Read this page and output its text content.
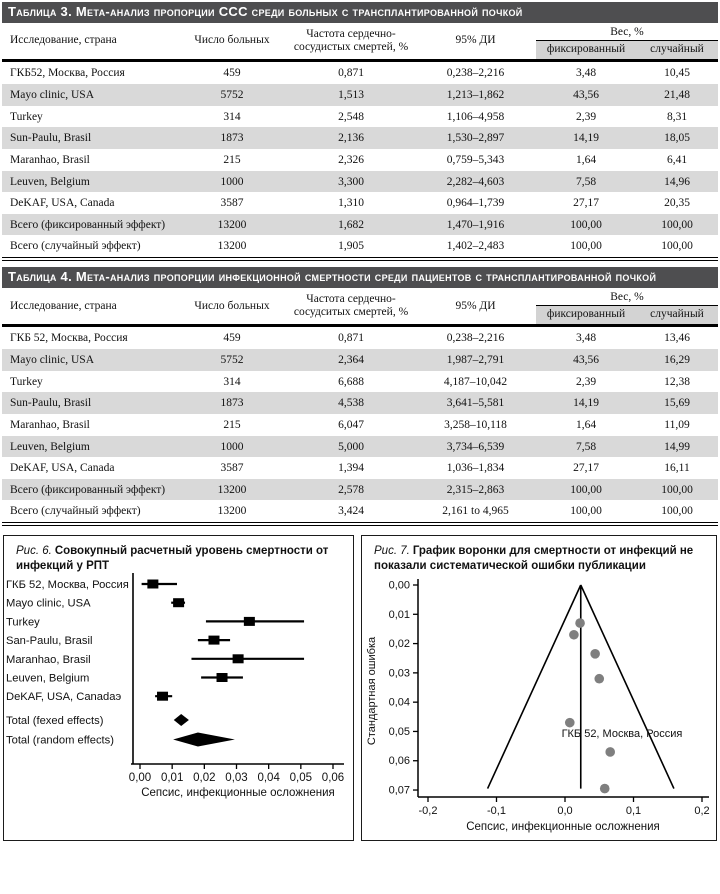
Таблица 3. Мета-анализ пропорции ССС среди больных с трансплантированной почкой
Исследование, страна	Число больных	Частота сердечно-сосудистых смертей, %	95% ДИ	Вес, %	
				фиксированный	случайный
ГКБ52, Москва, Россия	459	0,871	0,238–2,216	3,48	10,45
Mayo clinic, USA	5752	1,513	1,213–1,862	43,56	21,48
Turkey	314	2,548	1,106–4,958	2,39	8,31
Sun-Paulu, Brasil	1873	2,136	1,530–2,897	14,19	18,05
Maranhao, Brasil	215	2,326	0,759–5,343	1,64	6,41
Leuven, Belgium	1000	3,300	2,282–4,603	7,58	14,96
DeKAF, USA, Canada	3587	1,310	0,964–1,739	27,17	20,35
Всего (фиксированный эффект)	13200	1,682	1,470–1,916	100,00	100,00
Всего (случайный эффект)	13200	1,905	1,402–2,483	100,00	100,00
Таблица 4. Мета-анализ пропорции инфекционной смертности среди пациентов с трансплантированной почкой
Исследование, страна	Число больных	Частота сердечно-сосудситых смертей, %	95% ДИ	Вес, %	
				фиксированный	случайный
ГКБ 52, Москва, Россия	459	0,871	0,238–2,216	3,48	13,46
Mayo clinic, USA	5752	2,364	1,987–2,791	43,56	16,29
Turkey	314	6,688	4,187–10,042	2,39	12,38
Sun-Paulu, Brasil	1873	4,538	3,641–5,581	14,19	15,69
Maranhao, Brasil	215	6,047	3,258–10,118	1,64	11,09
Leuven, Belgium	1000	5,000	3,734–6,539	7,58	14,99
DeKAF, USA, Canada	3587	1,394	1,036–1,834	27,17	16,11
Всего (фиксированный эффект)	13200	2,578	2,315–2,863	100,00	100,00
Всего (случайный эффект)	13200	3,424	2,161 to 4,965	100,00	100,00
Рис. 6. Совокупный расчетный уровень смертности от инфекций у РПТ
0,00 0,01 0,02 0,03 0,04 0,05 0,06
Сепсис, инфекционные осложнения
ГКБ 52, Москва, Россия
Mayo clinic, USA
Turkey
San-Paulu, Brasil
Maranhao, Brasil
Leuven, Belgium
DeKAF, USA, Canadaэ
Total (fexed effects)
Total (random effects)
Рис. 7. График воронки для смертности от инфекций не показали систематической ошибки публикации
0,00
0,01
0,02
0,03
0,04
0,05
0,06
0,07
-0,2	-0,1	0,0	0,1	0,2
Сепсис, инфекционные осложнения
Стандартная ошибка	ГКБ 52, Москва, Россия
